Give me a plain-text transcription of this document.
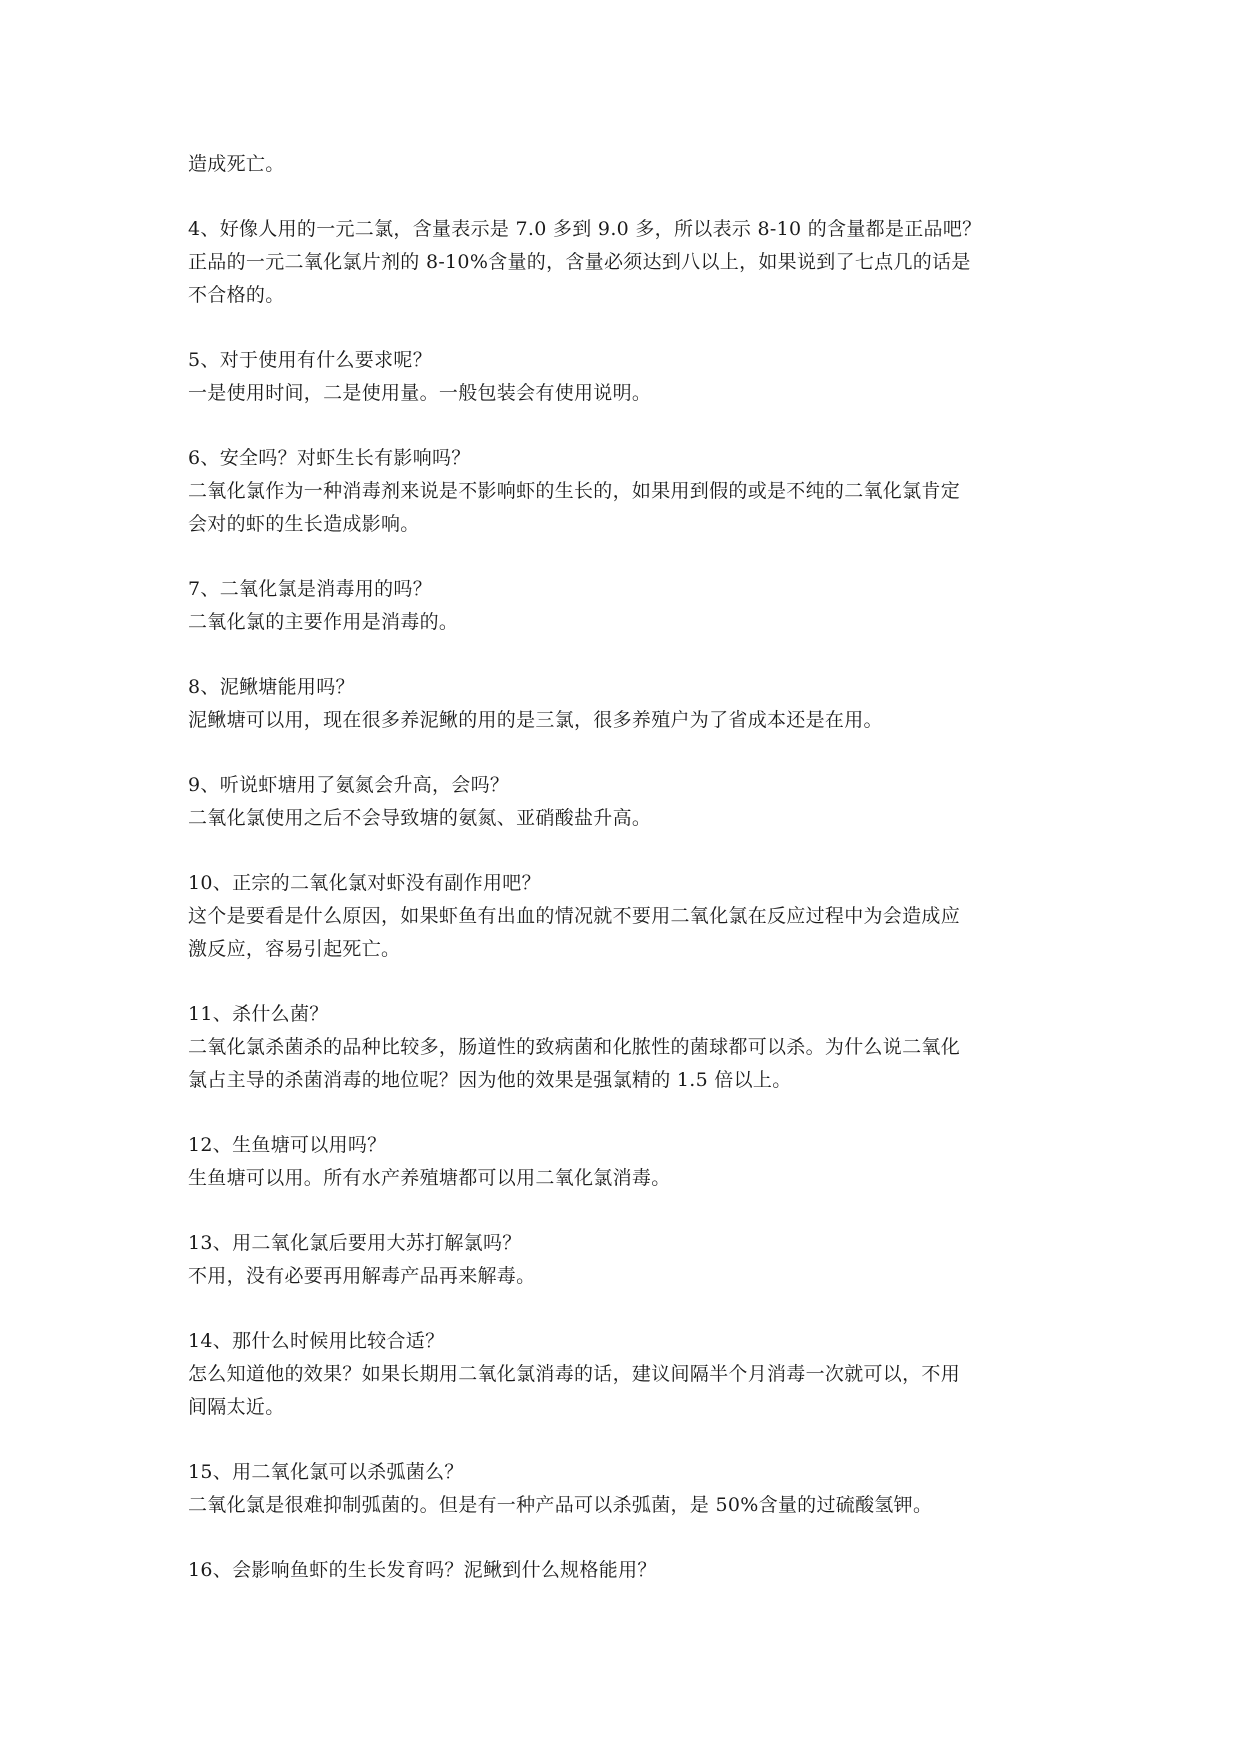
造成死亡。
4、好像人用的一元二氯，含量表示是 7.0 多到 9.0 多，所以表示 8-10 的含量都是正品吧？
正品的一元二氧化氯片剂的 8-10%含量的，含量必须达到八以上，如果说到了七点几的话是
不合格的。
5、对于使用有什么要求呢？
一是使用时间，二是使用量。一般包装会有使用说明。
6、安全吗？对虾生长有影响吗？
二氧化氯作为一种消毒剂来说是不影响虾的生长的，如果用到假的或是不纯的二氧化氯肯定
会对的虾的生长造成影响。
7、二氧化氯是消毒用的吗？
二氧化氯的主要作用是消毒的。
8、泥鳅塘能用吗？
泥鳅塘可以用，现在很多养泥鳅的用的是三氯，很多养殖户为了省成本还是在用。
9、听说虾塘用了氨氮会升高，会吗？
二氧化氯使用之后不会导致塘的氨氮、亚硝酸盐升高。
10、正宗的二氧化氯对虾没有副作用吧？
这个是要看是什么原因，如果虾鱼有出血的情况就不要用二氧化氯在反应过程中为会造成应
激反应，容易引起死亡。
11、杀什么菌？
二氧化氯杀菌杀的品种比较多，肠道性的致病菌和化脓性的菌球都可以杀。为什么说二氧化
氯占主导的杀菌消毒的地位呢？因为他的效果是强氯精的 1.5 倍以上。
12、生鱼塘可以用吗？
生鱼塘可以用。所有水产养殖塘都可以用二氧化氯消毒。
13、用二氧化氯后要用大苏打解氯吗？
不用，没有必要再用解毒产品再来解毒。
14、那什么时候用比较合适？
怎么知道他的效果？如果长期用二氧化氯消毒的话，建议间隔半个月消毒一次就可以，不用
间隔太近。
15、用二氧化氯可以杀弧菌么？
二氧化氯是很难抑制弧菌的。但是有一种产品可以杀弧菌，是 50%含量的过硫酸氢钾。
16、会影响鱼虾的生长发育吗？泥鳅到什么规格能用？
